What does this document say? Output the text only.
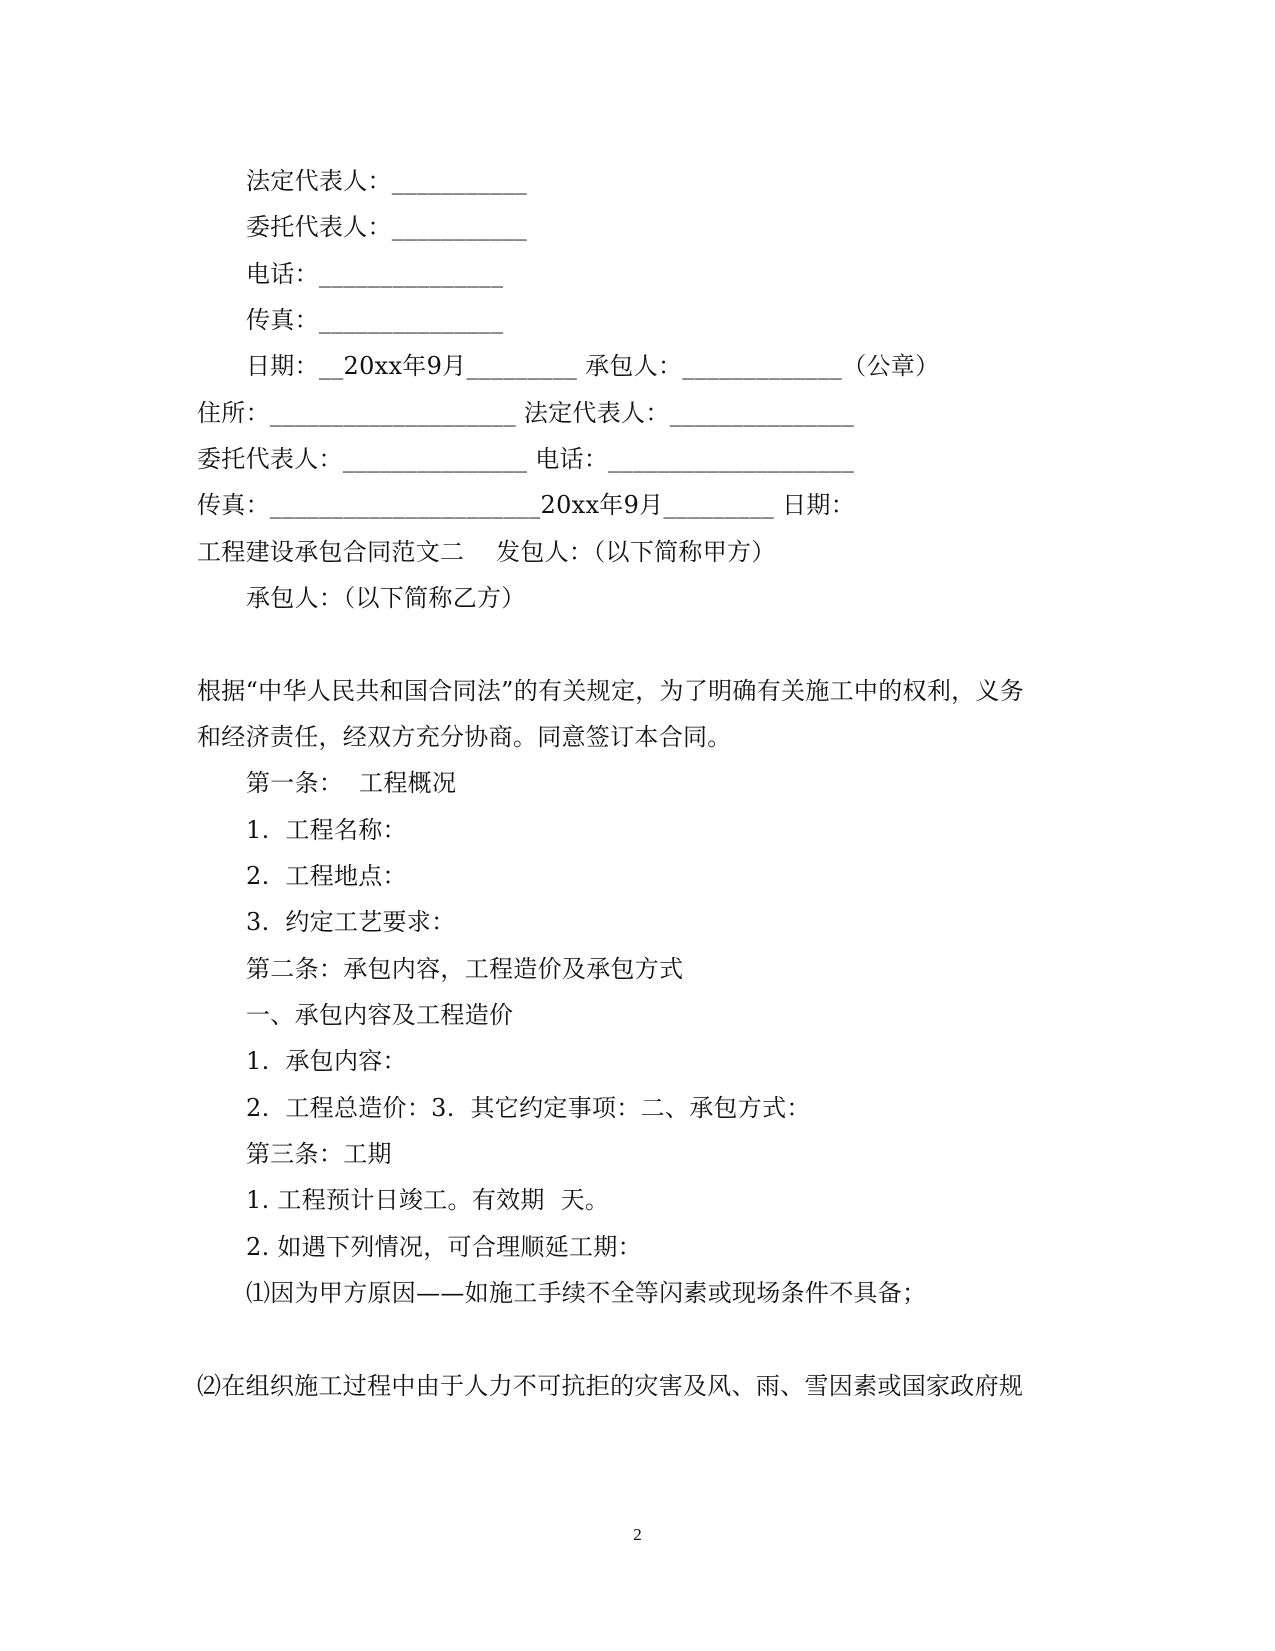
法定代表人：___________
委托代表人：___________
电话：_______________
传真：_______________
日期：__20xx年9月_________ 承包人：_____________（公章）
住所：____________________ 法定代表人：_______________
委托代表人：_______________ 电话：____________________
传真：______________________20xx年9月_________ 日期：
工程建设承包合同范文二    发包人：（以下简称甲方）
承包人：（以下简称乙方）
根据“中华人民共和国合同法”的有关规定，为了明确有关施工中的权利，义务
和经济责任，经双方充分协商。同意签订本合同。
第一条：  工程概况
1.  工程名称：
2.  工程地点：
3.  约定工艺要求：
第二条：承包内容，工程造价及承包方式
一、承包内容及工程造价
1.  承包内容：
2.  工程总造价：3.  其它约定事项：二、承包方式：
第三条：工期
1. 工程预计日竣工。有效期  天。
2. 如遇下列情况，可合理顺延工期：
⑴因为甲方原因——如施工手续不全等闪素或现场条件不具备；
⑵在组织施工过程中由于人力不可抗拒的灾害及风、雨、雪因素或国家政府规
2
